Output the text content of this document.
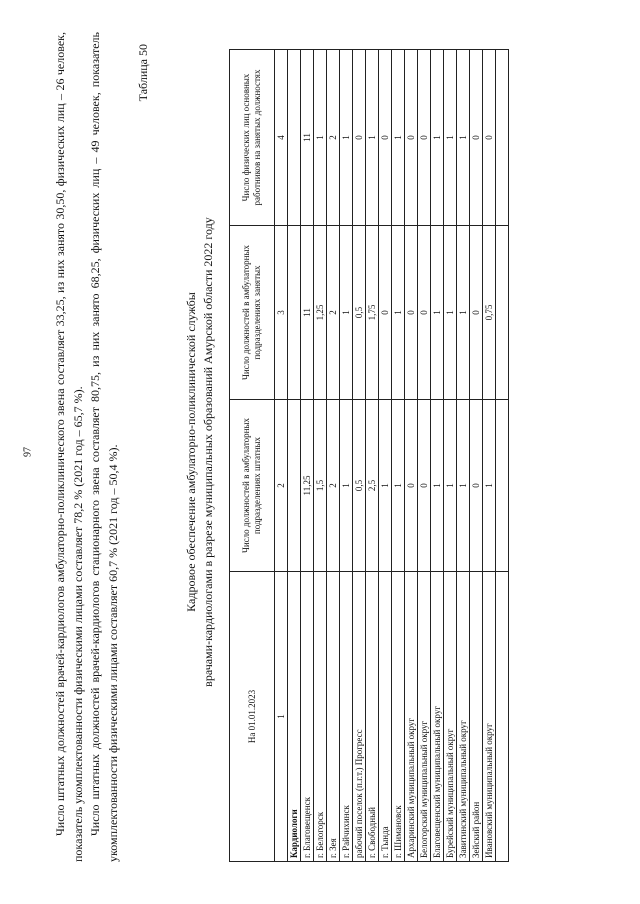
97 Число штатных должностей врачей-кардиологов амбулаторно-поликлинического звена составляет 33,25, из них занято 30,50, физических лиц – 26 человек, показатель укомплектованности физическими лицами составляет 78,2 % (2021 год – 65,7 %). Число штатных должностей врачей-кардиологов стационарного звена составляет 80,75, из них занято 68,25, физических лиц – 49 человек, показатель укомплектованности физическими лицами составляет 60,7 % (2021 год – 50,4 %).

Таблица 50
Кадровое обеспечение амбулаторно-поликлинической службы врачами-кардиологами в разрезе муниципальных образований Амурской области 2022 году
На 01.01.2023	Число должностей в амбулаторных подразделениях штатных	Число должностей в амбулаторных подразделениях занятых	Число физических лиц основных работников на занятых должностях
1	2	3	4
Кардиологи			
г. Благовещенск	11,25	11	11
г. Белогорск	1,5	1,25	1
г. Зея	2	2	2
г. Райчихинск	1	1	1
рабочий поселок (п.г.т.) Прогресс	0,5	0,5	0
г. Свободный	2,5	1,75	1
г. Тында	1	0	0
г. Шимановск	1	1	1
Архаринский муниципальный округ	0	0	0
Белогорский муниципальный округ	0	0	0
Благовещенский муниципальный округ	1	1	1
Бурейский муниципальный округ	1	1	1
Завитинский муниципальный округ	1	1	1
Зейский район	0	0	0
Ивановский муниципальный округ	1	0,75	0
